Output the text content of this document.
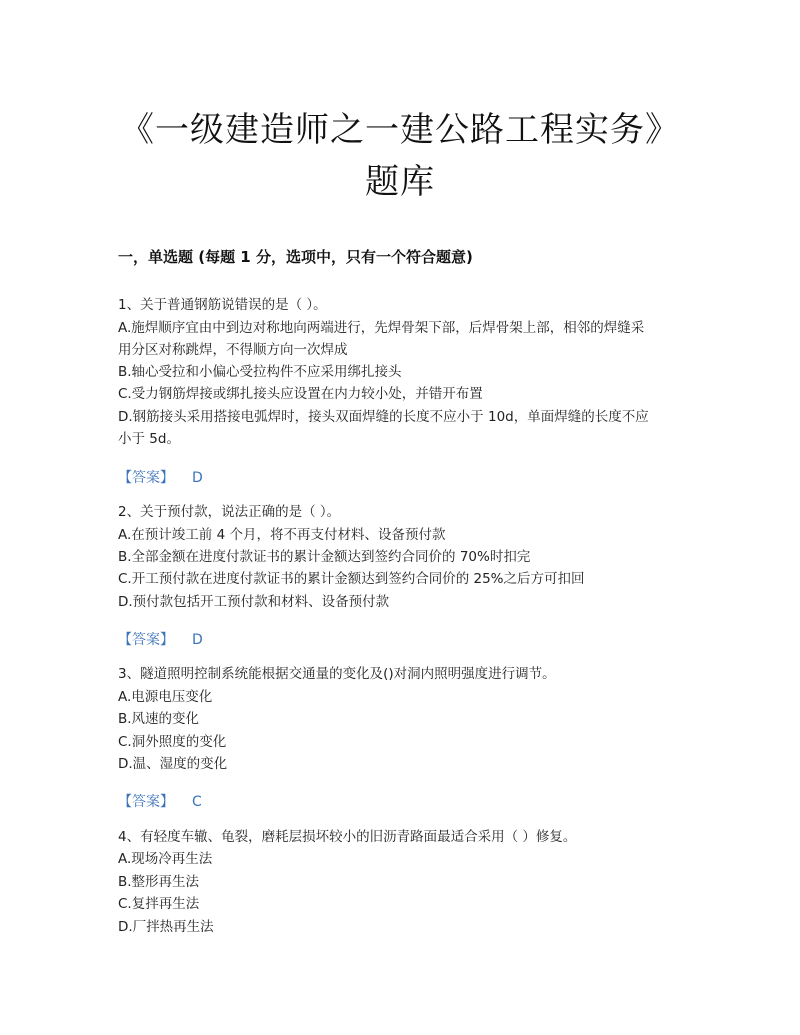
《一级建造师之一建公路工程实务》
题库
一，单选题 (每题 1 分，选项中，只有一个符合题意)
1、关于普通钢筋说错误的是（ ）。
A.施焊顺序宜由中到边对称地向两端进行，先焊骨架下部，后焊骨架上部，相邻的焊缝采
用分区对称跳焊，不得顺方向一次焊成
B.轴心受拉和小偏心受拉构件不应采用绑扎接头
C.受力钢筋焊接或绑扎接头应设置在内力较小处，并错开布置
D.钢筋接头采用搭接电弧焊时，接头双面焊缝的长度不应小于 10d，单面焊缝的长度不应
小于 5d。
【答案】 D
2、关于预付款，说法正确的是（ ）。
A.在预计竣工前 4 个月，将不再支付材料、设备预付款
B.全部金额在进度付款证书的累计金额达到签约合同价的 70%时扣完
C.开工预付款在进度付款证书的累计金额达到签约合同价的 25%之后方可扣回
D.预付款包括开工预付款和材料、设备预付款
【答案】 D
3、隧道照明控制系统能根据交通量的变化及()对洞内照明强度进行调节。
A.电源电压变化
B.风速的变化
C.洞外照度的变化
D.温、湿度的变化
【答案】 C
4、有轻度车辙、龟裂，磨耗层损坏较小的旧沥青路面最适合采用（ ）修复。
A.现场冷再生法
B.整形再生法
C.复拌再生法
D.厂拌热再生法
